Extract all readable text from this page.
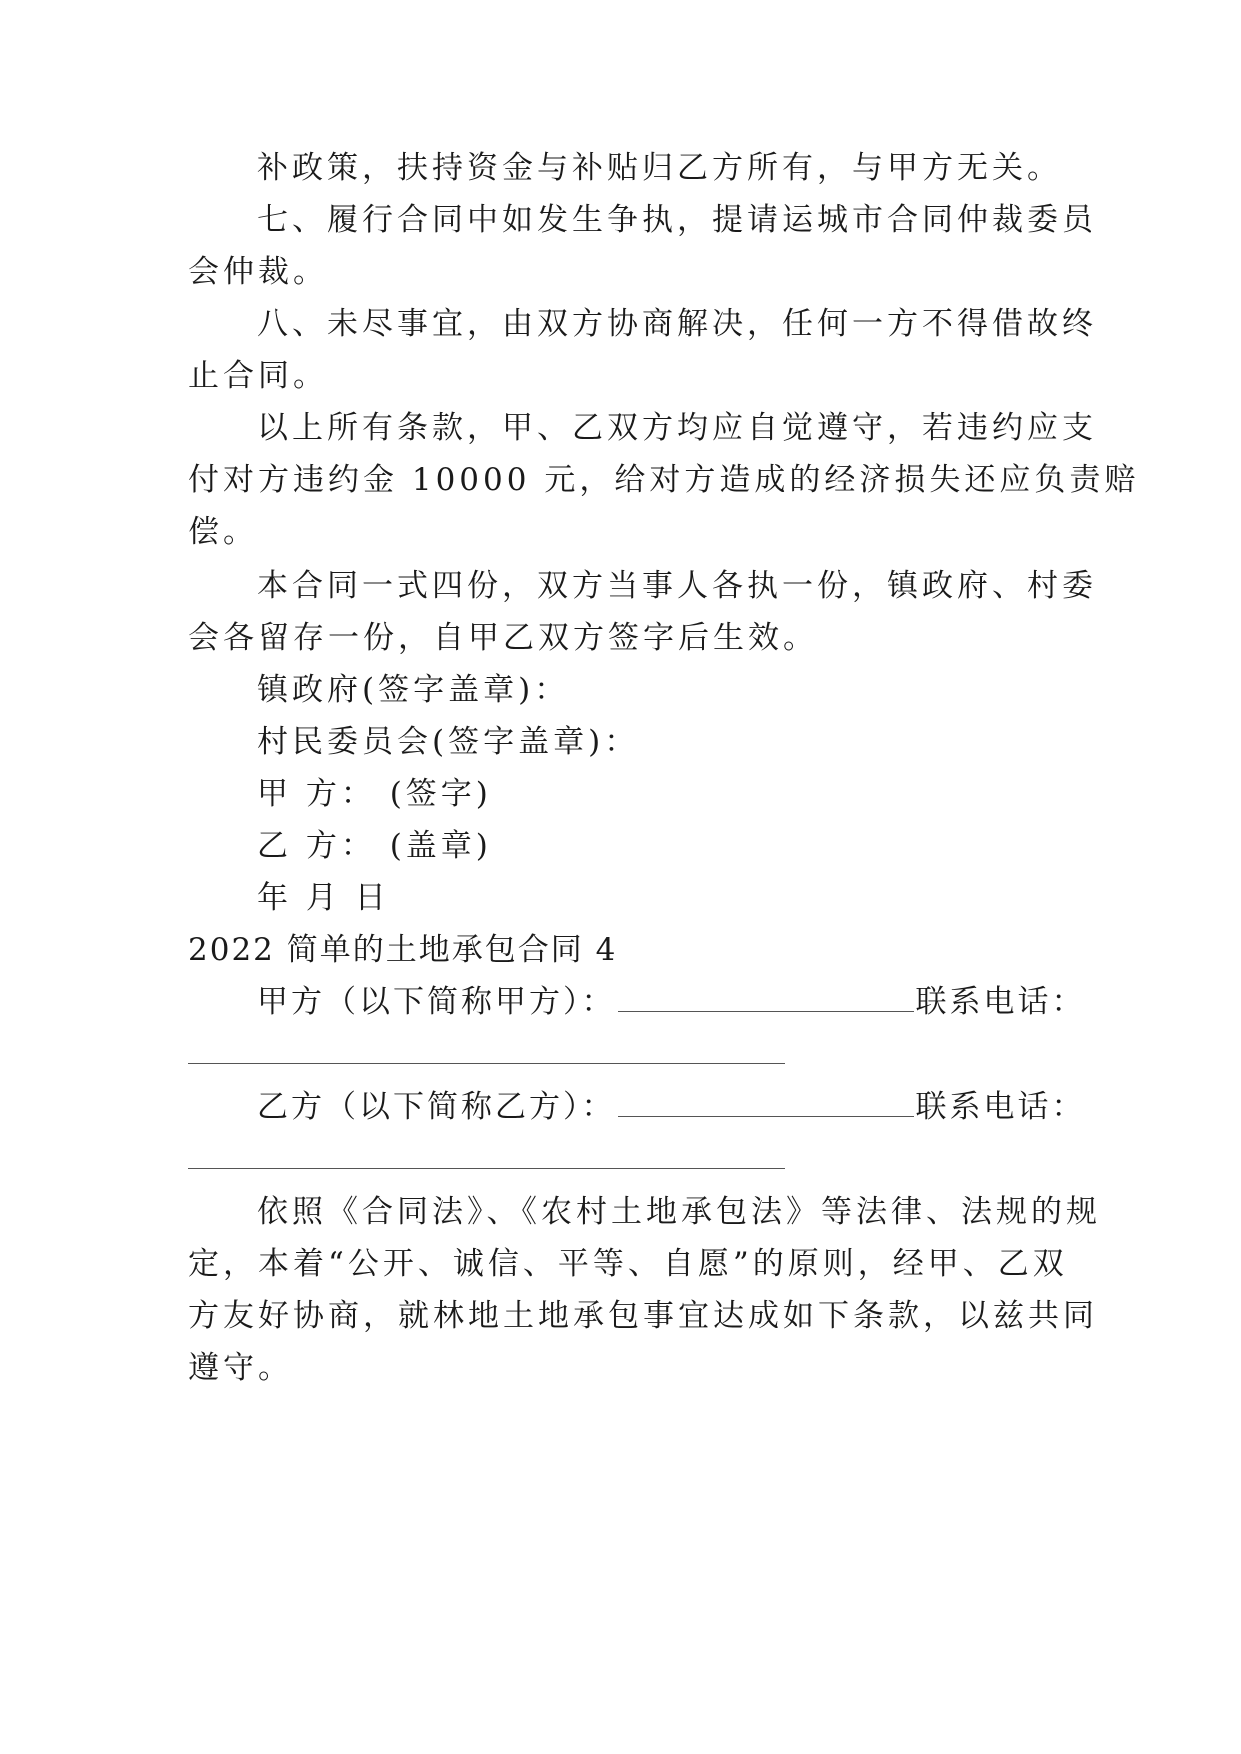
补政策，扶持资金与补贴归乙方所有，与甲方无关。
七、履行合同中如发生争执，提请运城市合同仲裁委员
会仲裁。
八、未尽事宜，由双方协商解决，任何一方不得借故终
止合同。
以上所有条款，甲、乙双方均应自觉遵守，若违约应支
付对方违约金 10000 元，给对方造成的经济损失还应负责赔
偿。
本合同一式四份，双方当事人各执一份，镇政府、村委
会各留存一份，自甲乙双方签字后生效。
镇政府(签字盖章)：
村民委员会(签字盖章)：
甲 方： (签字)
乙 方： (盖章)
年 月 日
2022 简单的土地承包合同 4
甲方（以下简称甲方）：	联系电话：
乙方（以下简称乙方）：	联系电话：
依照《合同法》、《农村土地承包法》等法律、法规的规
定，本着“公开、诚信、平等、自愿”的原则，经甲、乙双
方友好协商，就林地土地承包事宜达成如下条款，以兹共同
遵守。
